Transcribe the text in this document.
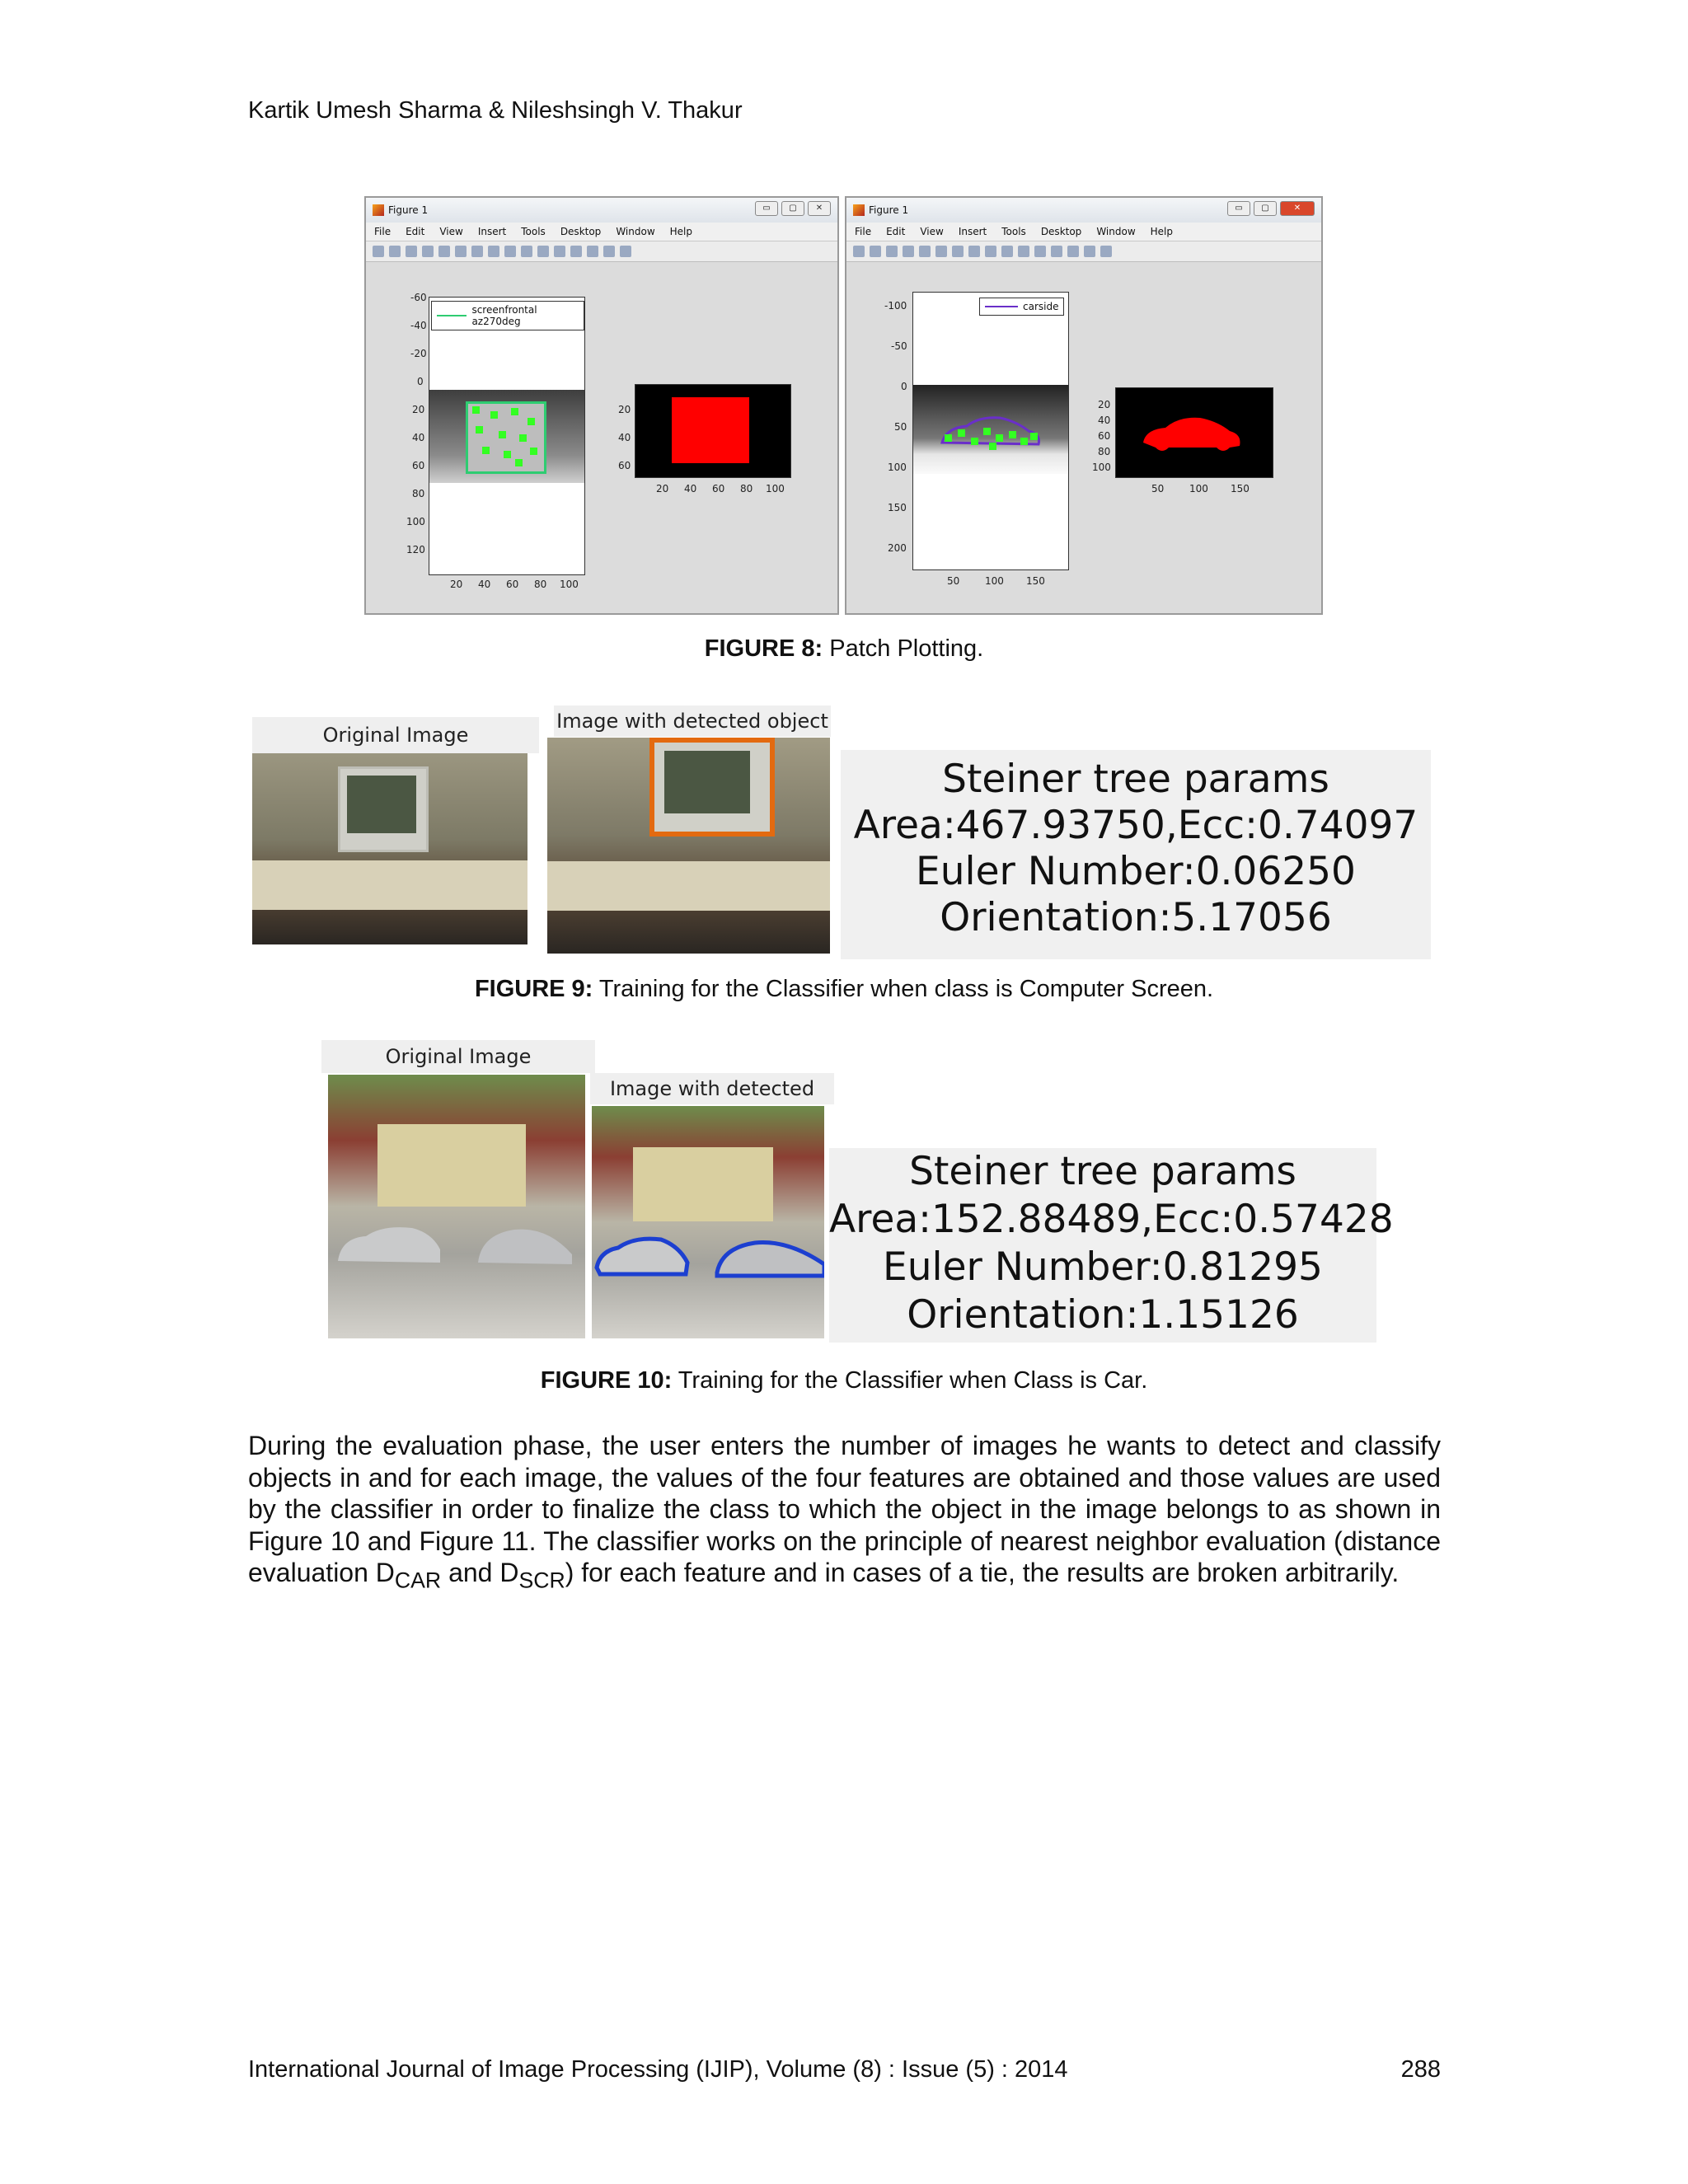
Kartik Umesh Sharma & Nileshsingh V. Thakur
Figure 1	▭	▢	✕
File Edit View Insert Tools Desktop Window Help
screenfrontal az270deg
-60
-40
-20
0
20
40
60
80
100
120
20 40 60 80 100
20
40
60
20 40 60 80 100
Figure 1	▭	▢	✕
File Edit View Insert Tools Desktop Window Help
carside
-100
-50
0
50
100
150
200
50	100 150
20
40
60
80
100
50	100 150
FIGURE 8: Patch Plotting.
Original Image
Image with detected object
Steiner tree params
Area:467.93750,Ecc:0.74097
Euler Number:0.06250
Orientation:5.17056
FIGURE 9: Training for the Classifier when class is Computer Screen.
Original Image
Image with detected
Steiner tree params
Area:152.88489,Ecc:0.57428
Euler Number:0.81295
Orientation:1.15126
FIGURE 10: Training for the Classifier when Class is Car.
During the evaluation phase, the user enters the number of images he wants to detect and classify objects in and for each image, the values of the four features are obtained and those values are used by the classifier in order to finalize the class to which the object in the image belongs to as shown in Figure 10 and Figure 11. The classifier works on the principle of nearest neighbor evaluation (distance evaluation $D_{CAR}$ and $D_{SCR}$) for each feature and in cases of a tie, the results are broken arbitrarily.
International Journal of Image Processing (IJIP), Volume (8) : Issue (5) : 2014	288
